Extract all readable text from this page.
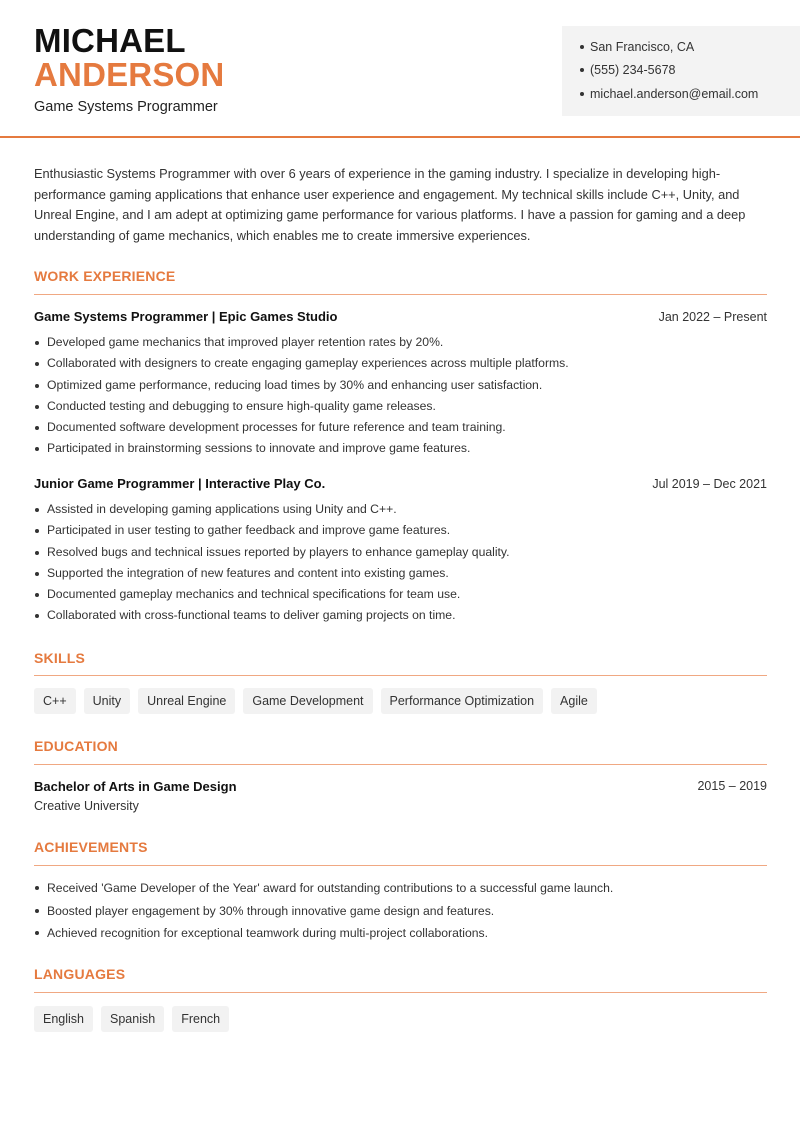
MICHAEL
ANDERSON
Game Systems Programmer
San Francisco, CA
(555) 234-5678
michael.anderson@email.com
Enthusiastic Systems Programmer with over 6 years of experience in the gaming industry. I specialize in developing high-performance gaming applications that enhance user experience and engagement. My technical skills include C++, Unity, and Unreal Engine, and I am adept at optimizing game performance for various platforms. I have a passion for gaming and a deep understanding of game mechanics, which enables me to create immersive experiences.
WORK EXPERIENCE
Game Systems Programmer | Epic Games Studio	Jan 2022 – Present
Developed game mechanics that improved player retention rates by 20%.
Collaborated with designers to create engaging gameplay experiences across multiple platforms.
Optimized game performance, reducing load times by 30% and enhancing user satisfaction.
Conducted testing and debugging to ensure high-quality game releases.
Documented software development processes for future reference and team training.
Participated in brainstorming sessions to innovate and improve game features.
Junior Game Programmer | Interactive Play Co.	Jul 2019 – Dec 2021
Assisted in developing gaming applications using Unity and C++.
Participated in user testing to gather feedback and improve game features.
Resolved bugs and technical issues reported by players to enhance gameplay quality.
Supported the integration of new features and content into existing games.
Documented gameplay mechanics and technical specifications for team use.
Collaborated with cross-functional teams to deliver gaming projects on time.
SKILLS
C++	Unity	Unreal Engine	Game Development	Performance Optimization	Agile
EDUCATION
Bachelor of Arts in Game Design	2015 – 2019
Creative University
ACHIEVEMENTS
Received 'Game Developer of the Year' award for outstanding contributions to a successful game launch.
Boosted player engagement by 30% through innovative game design and features.
Achieved recognition for exceptional teamwork during multi-project collaborations.
LANGUAGES
English	Spanish	French
